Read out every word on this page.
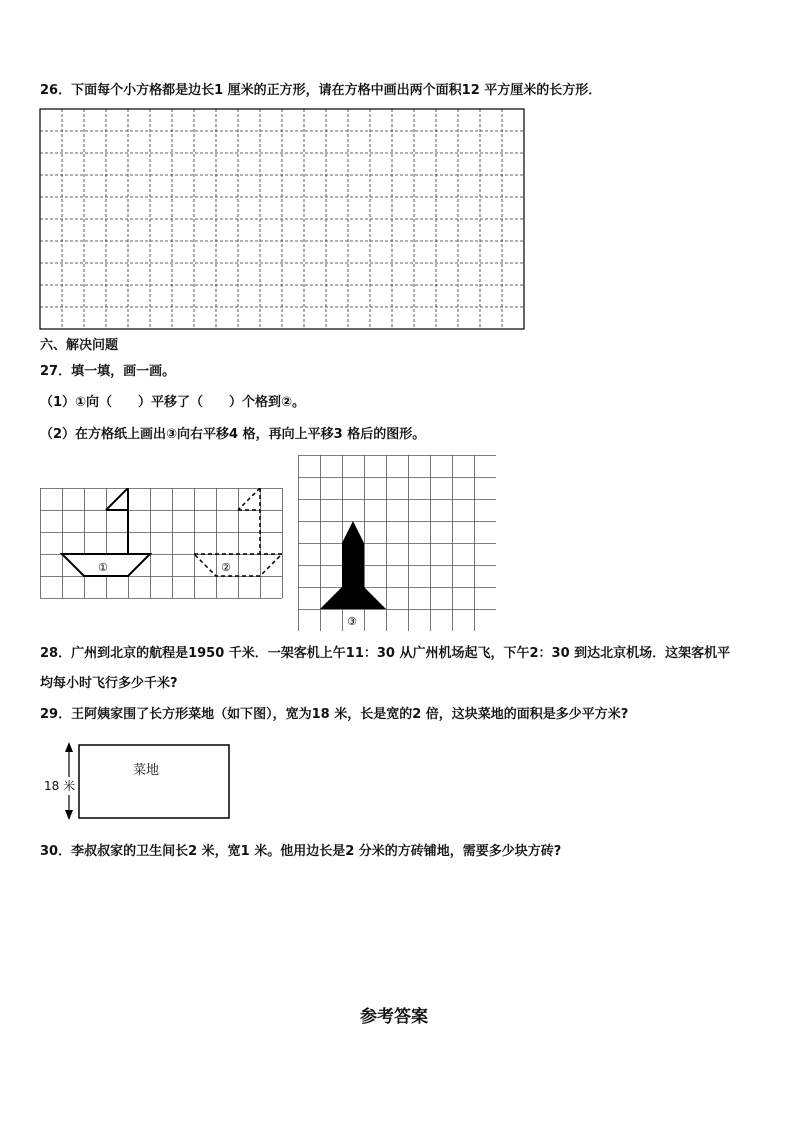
26．下面每个小方格都是边长1 厘米的正方形，请在方格中画出两个面积12 平方厘米的长方形．
六、解决问题
27．填一填，画一画。
（1）①向（　　）平移了（　　）个格到②。
（2）在方格纸上画出③向右平移4 格，再向上平移3 格后的图形。
①	②
③
28．广州到北京的航程是1950 千米．一架客机上午11：30 从广州机场起飞，下午2：30 到达北京机场．这架客机平
均每小时飞行多少千米?
29．王阿姨家围了长方形菜地（如下图），宽为18 米，长是宽的2 倍，这块菜地的面积是多少平方米?
菜地
18 米
30．李叔叔家的卫生间长2 米，宽1 米。他用边长是2 分米的方砖铺地，需要多少块方砖?
参考答案
